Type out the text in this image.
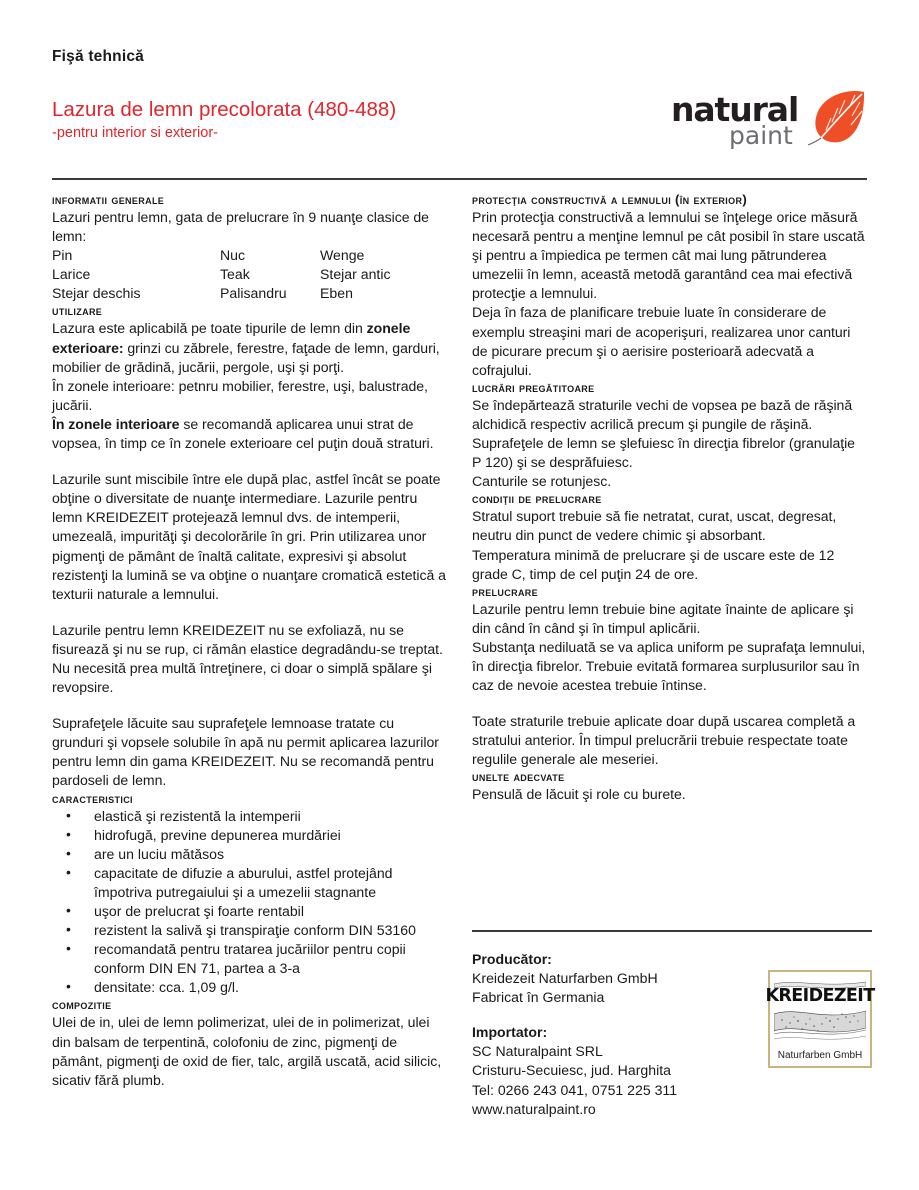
Fişă tehnică
Lazura de lemn precolorata (480-488)
-pentru interior si exterior-
natural
paint
informatii generale

Lazuri pentru lemn, gata de prelucrare în 9 nuanţe clasice de lemn:

Pin	Nuc	Wenge
Larice	Teak	Stejar antic
Stejar deschis	Palisandru	Eben
utilizare

Lazura este aplicabilă pe toate tipurile de lemn din zonele exterioare: grinzi cu zăbrele, ferestre, faţade de lemn, garduri, mobilier de grădină, jucării, pergole, uşi şi porţi.

În zonele interioare: petnru mobilier, ferestre, uşi, balustrade, jucării.

În zonele interioare se recomandă aplicarea unui strat de vopsea, în timp ce în zonele exterioare cel puţin două straturi.

Lazurile sunt miscibile între ele după plac, astfel încât se poate obţine o diversitate de nuanţe intermediare. Lazurile pentru lemn KREIDEZEIT protejează lemnul dvs. de intemperii, umezeală, impurităţi şi decolorările în gri. Prin utilizarea unor pigmenţi de pământ de înaltă calitate, expresivi şi absolut rezistenţi la lumină se va obţine o nuanţare cromatică estetică a texturii naturale a lemnului.

Lazurile pentru lemn KREIDEZEIT nu se exfoliază, nu se fisurează şi nu se rup, ci rămân elastice degradându-se treptat. Nu necesită prea multă întreţinere, ci doar o simplă spălare şi revopsire.

Suprafeţele lăcuite sau suprafeţele lemnoase tratate cu grunduri şi vopsele solubile în apă nu permit aplicarea lazurilor pentru lemn din gama KREIDEZEIT. Nu se recomandă pentru pardoseli de lemn.

caracteristici
• elastică şi rezistentă la intemperii
• hidrofugă, previne depunerea murdăriei
• are un luciu mătăsos
• capacitate de difuzie a aburului, astfel protejând împotriva putregaiului şi a umezelii stagnante
• uşor de prelucrat şi foarte rentabil
• rezistent la salivă şi transpiraţie conform DIN 53160
• recomandată pentru tratarea jucăriilor pentru copii conform DIN EN 71, partea a 3-a
• densitate: cca. 1,09 g/l.
compozitie

Ulei de in, ulei de lemn polimerizat, ulei de in polimerizat, ulei din balsam de terpentină, colofoniu de zinc, pigmenţi de pământ, pigmenţi de oxid de fier, talc, argilă uscată, acid silicic, sicativ fără plumb.

protecţia constructivă a lemnului (în exterior)

Prin protecţia constructivă a lemnului se înţelege orice măsură necesară pentru a menţine lemnul pe cât posibil în stare uscată şi pentru a împiedica pe termen cât mai lung pătrunderea umezelii în lemn, această metodă garantând cea mai efectivă protecţie a lemnului.

Deja în faza de planificare trebuie luate în considerare de exemplu streaşini mari de acoperişuri, realizarea unor canturi de picurare precum şi o aerisire posterioară adecvată a cofrajului.

lucrări pregătitoare

Se îndepărtează straturile vechi de vopsea pe bază de răşină alchidică respectiv acrilică precum şi pungile de răşină. Suprafeţele de lemn se şlefuiesc în direcţia fibrelor (granulaţie P 120) şi se desprăfuiesc.

Canturile se rotunjesc.

condiţii de prelucrare

Stratul suport trebuie să fie netratat, curat, uscat, degresat, neutru din punct de vedere chimic şi absorbant.

Temperatura minimă de prelucrare şi de uscare este de 12 grade C, timp de cel puţin 24 de ore.

prelucrare

Lazurile pentru lemn trebuie bine agitate înainte de aplicare şi din când în când şi în timpul aplicării.

Substanţa nediluată se va aplica uniform pe suprafaţa lemnului, în direcţia fibrelor. Trebuie evitată formarea surplusurilor sau în caz de nevoie acestea trebuie întinse.

Toate straturile trebuie aplicate doar după uscarea completă a stratului anterior. În timpul prelucrării trebuie respectate toate regulile generale ale meseriei.

unelte adecvate

Pensulă de lăcuit şi role cu burete.

Producător:
Kreidezeit Naturfarben GmbH
Fabricat în Germania
Importator:
SC Naturalpaint SRL
Cristuru-Secuiesc, jud. Harghita
Tel: 0266 243 041, 0751 225 311
www.naturalpaint.ro
KREIDEZEIT
Naturfarben GmbH
